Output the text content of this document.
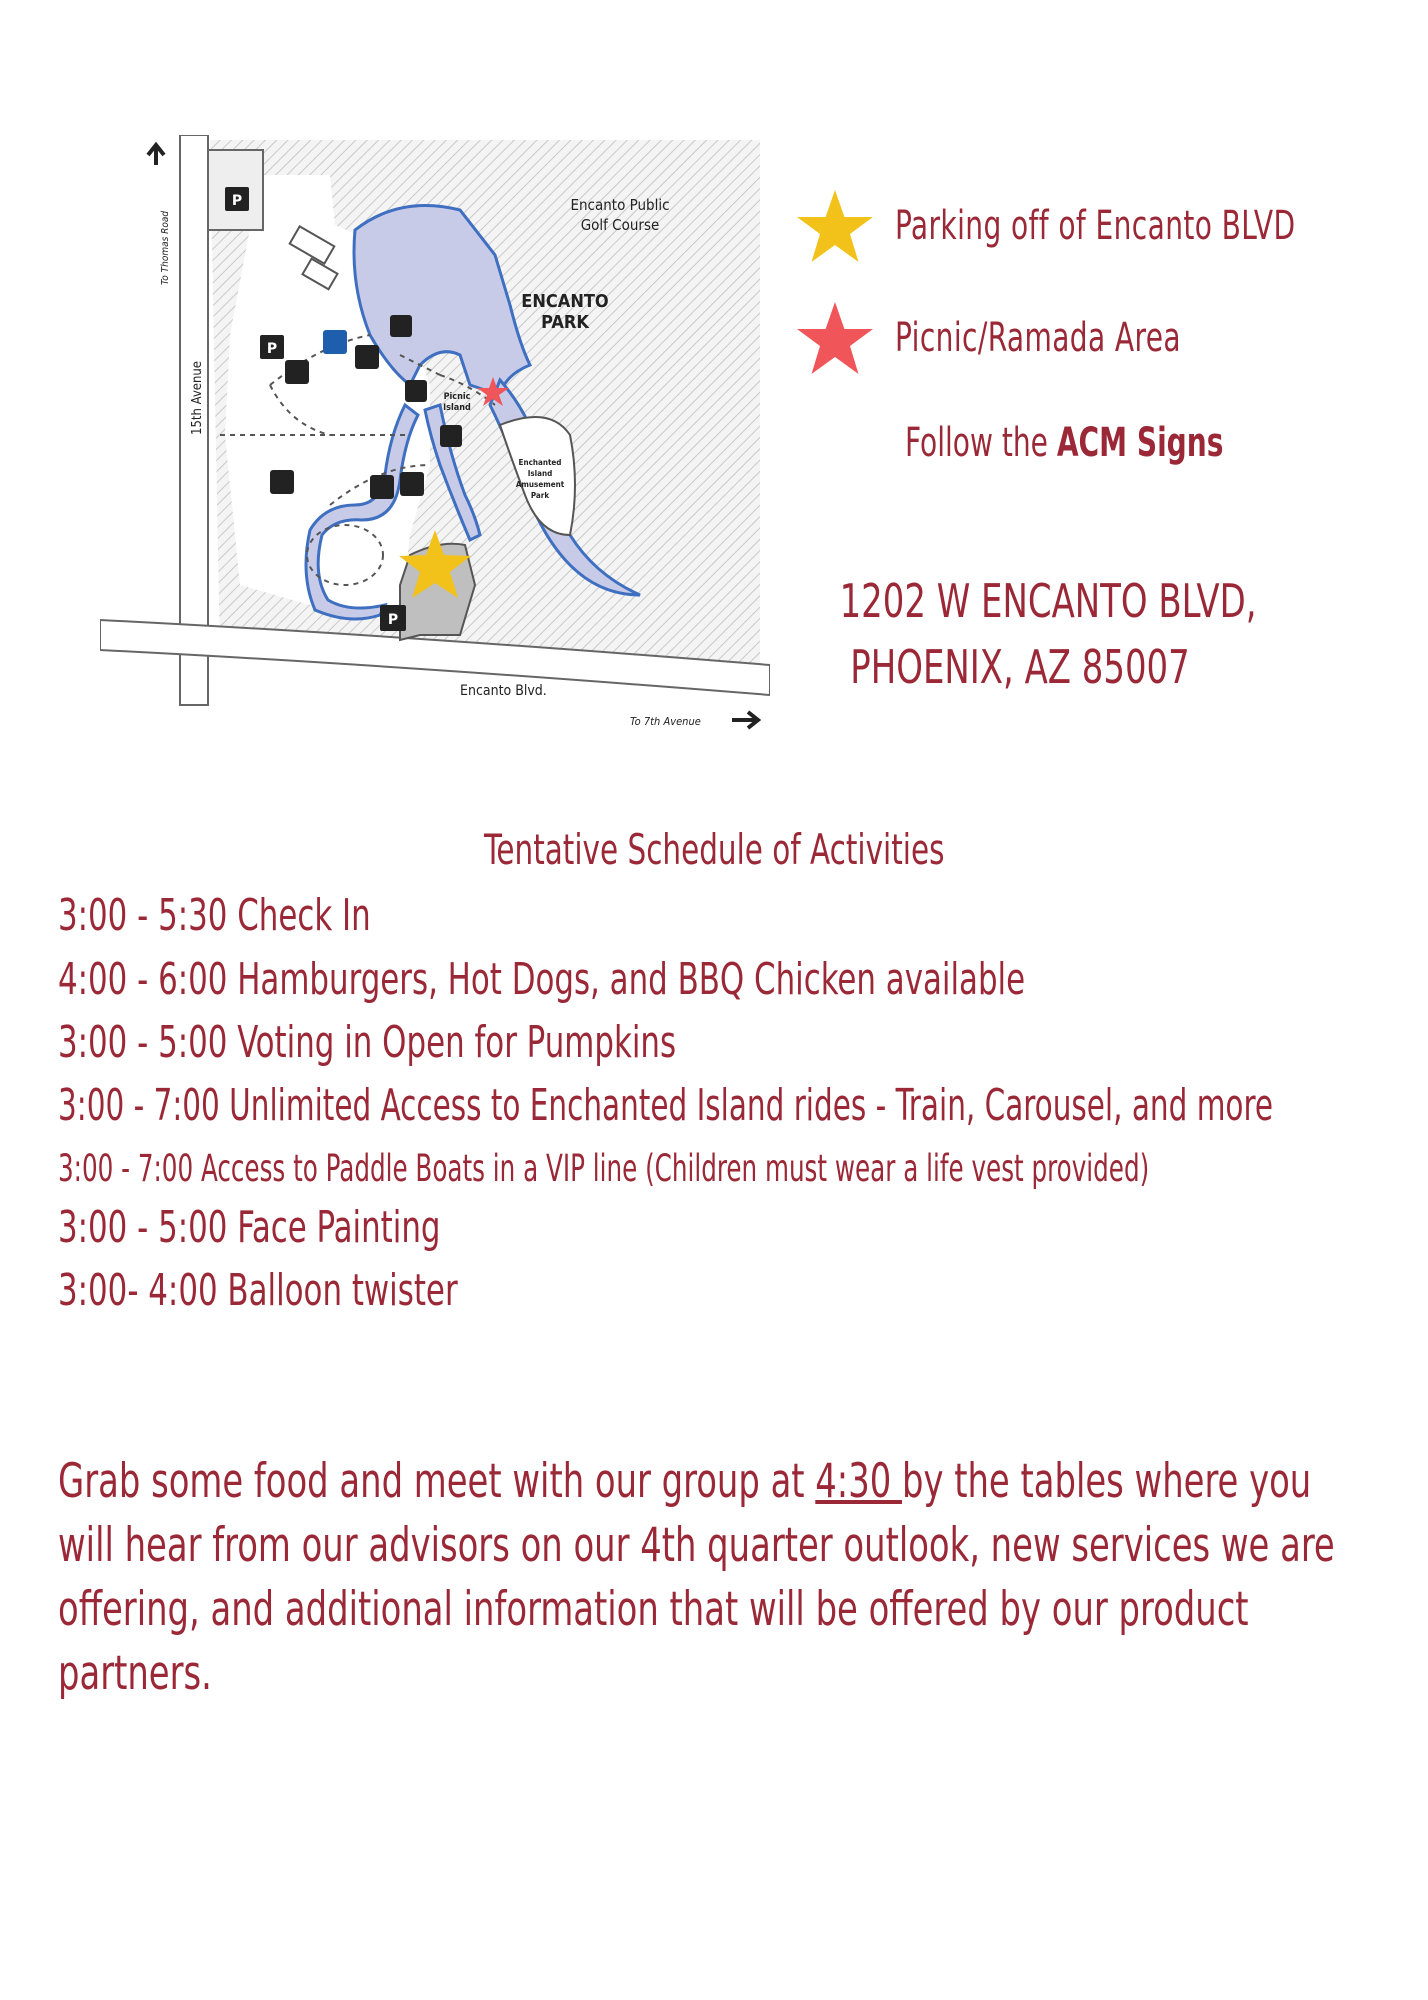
P
P
P
Encanto Public
Golf Course
ENCANTO
PARK
Picnic
Island
Enchanted
Island
Amusement
Park
15th Avenue
To Thomas Road
Encanto Blvd.
To 7th Avenue
Parking off of Encanto BLVD
Picnic/Ramada Area
Follow the ACM Signs
1202 W ENCANTO BLVD,
PHOENIX, AZ 85007
Tentative Schedule of Activities
3:00 - 5:30 Check In
4:00 - 6:00 Hamburgers, Hot Dogs, and BBQ Chicken available
3:00 - 5:00 Voting in Open for Pumpkins
3:00 - 7:00 Unlimited Access to Enchanted Island rides - Train, Carousel, and more
3:00 - 7:00 Access to Paddle Boats in a VIP line (Children must wear a life vest provided)
3:00 - 5:00 Face Painting
3:00- 4:00 Balloon twister
Grab some food and meet with our group at 4:30 by the tables where you
will hear from our advisors on our 4th quarter outlook, new services we are
offering, and additional information that will be offered by our product
partners.
